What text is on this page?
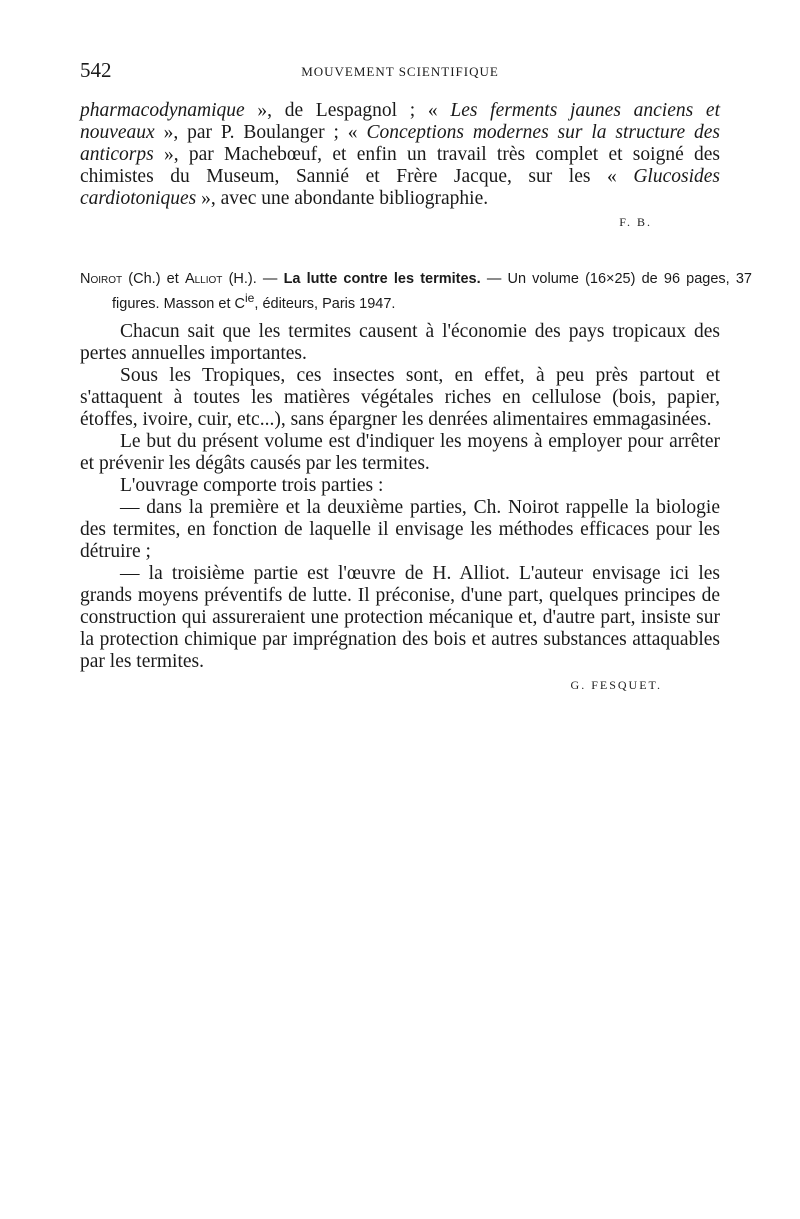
542	MOUVEMENT SCIENTIFIQUE

pharmacodynamique », de Lespagnol ; « Les ferments jaunes anciens et nouveaux », par P. Boulanger ; « Conceptions modernes sur la structure des anticorps », par Machebœuf, et enfin un travail très complet et soigné des chimistes du Museum, Sannié et Frère Jacque, sur les « Glucosides cardiotoniques », avec une abondante bibliographie.

F. B.

Noirot (Ch.) et Alliot (H.). — La lutte contre les termites. — Un volume (16×25) de 96 pages, 37 figures. Masson et $C^{ie}$, éditeurs, Paris 1947.

Chacun sait que les termites causent à l'économie des pays tropicaux des pertes annuelles importantes.

Sous les Tropiques, ces insectes sont, en effet, à peu près partout et s'attaquent à toutes les matières végétales riches en cellulose (bois, papier, étoffes, ivoire, cuir, etc...), sans épargner les denrées alimentaires emmagasinées.

Le but du présent volume est d'indiquer les moyens à employer pour arrêter et prévenir les dégâts causés par les termites.

L'ouvrage comporte trois parties :

— dans la première et la deuxième parties, Ch. Noirot rappelle la biologie des termites, en fonction de laquelle il envisage les méthodes efficaces pour les détruire ;

— la troisième partie est l'œuvre de H. Alliot. L'auteur envisage ici les grands moyens préventifs de lutte. Il préconise, d'une part, quelques principes de construction qui assureraient une protection mécanique et, d'autre part, insiste sur la protection chimique par imprégnation des bois et autres substances attaquables par les termites.

G. FESQUET.
